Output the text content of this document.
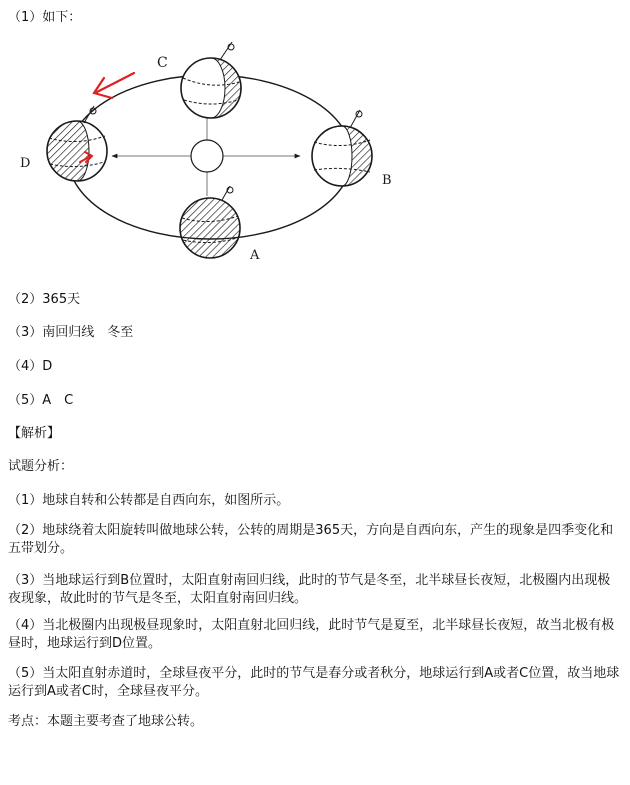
（1）如下：
C
B
A
D
（2）365天
（3）南回归线　冬至
（4）D
（5）A　C
【解析】
试题分析：
（1）地球自转和公转都是自西向东，如图所示。
（2）地球绕着太阳旋转叫做地球公转，公转的周期是365天，方向是自西向东，产生的现象是四季变化和五带划分。
（3）当地球运行到B位置时，太阳直射南回归线，此时的节气是冬至，北半球昼长夜短，北极圈内出现极夜现象，故此时的节气是冬至，太阳直射南回归线。
（4）当北极圈内出现极昼现象时，太阳直射北回归线，此时节气是夏至，北半球昼长夜短，故当北极有极昼时，地球运行到D位置。
（5）当太阳直射赤道时，全球昼夜平分，此时的节气是春分或者秋分，地球运行到A或者C位置，故当地球运行到A或者C时，全球昼夜平分。
考点：本题主要考查了地球公转。
